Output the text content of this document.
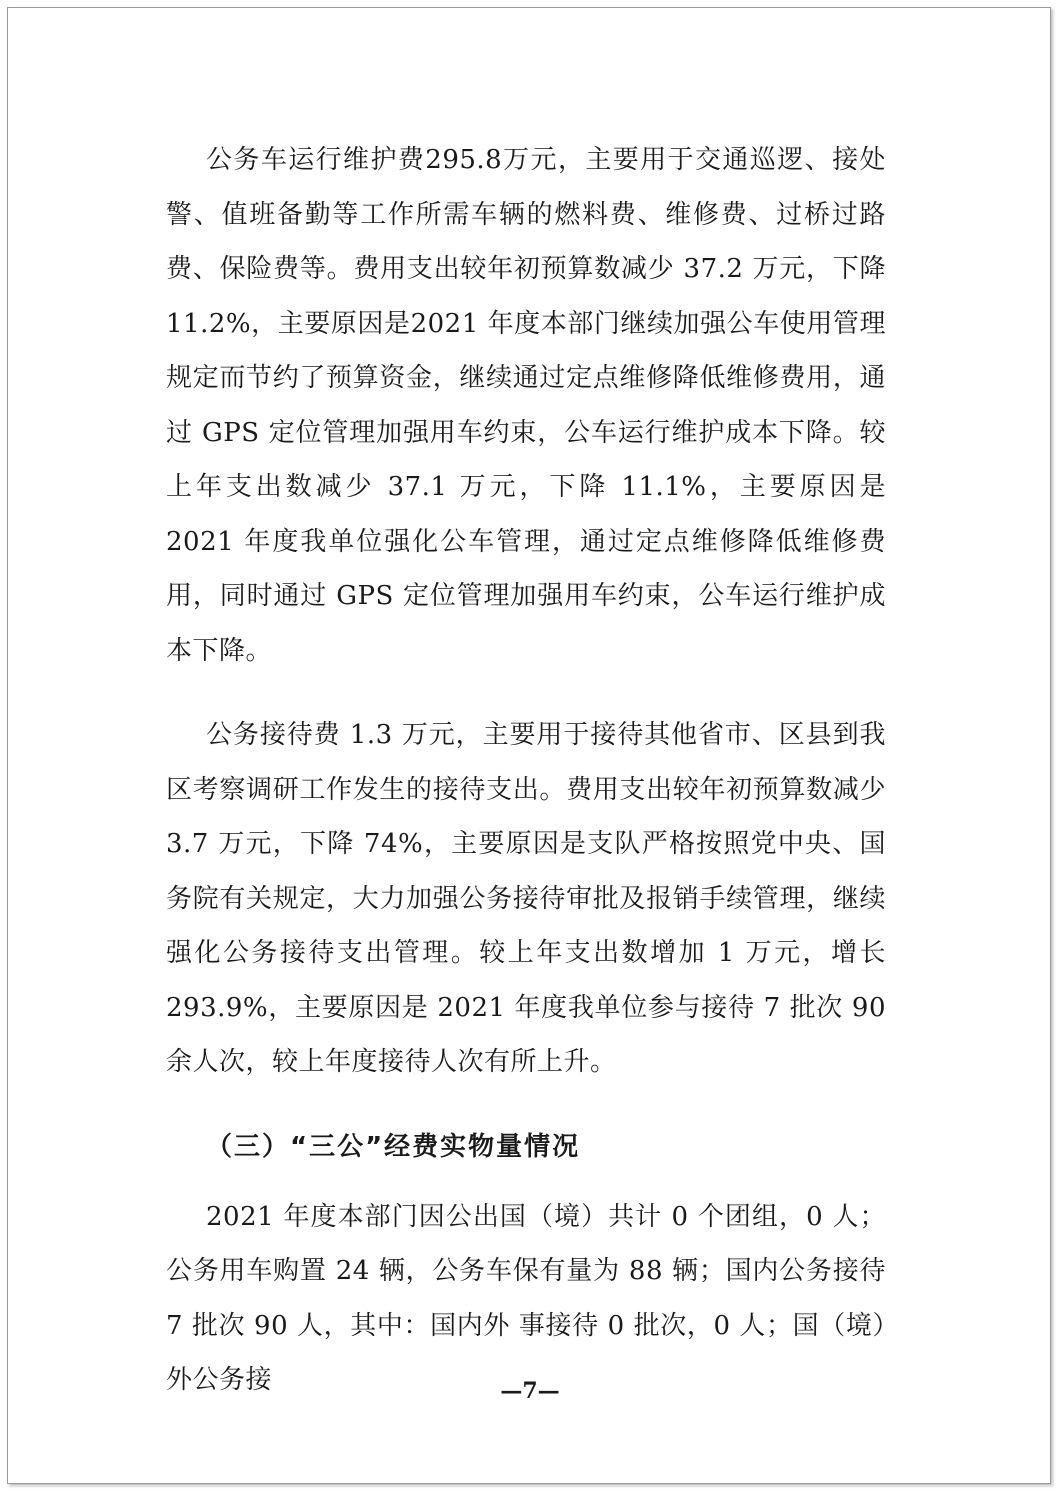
公务车运行维护费295.8万元，主要用于交通巡逻、接处警、值班备勤等工作所需车辆的燃料费、维修费、过桥过路费、保险费等。费用支出较年初预算数减少 37.2 万元，下降 11.2%，主要原因是2021 年度本部门继续加强公车使用管理规定而节约了预算资金，继续通过定点维修降低维修费用，通过 GPS 定位管理加强用车约束，公车运行维护成本下降。较上年支出数减少 37.1 万元，下降 11.1%，主要原因是 2021 年度我单位强化公车管理，通过定点维修降低维修费用，同时通过 GPS 定位管理加强用车约束，公车运行维护成本下降。

公务接待费 1.3 万元，主要用于接待其他省市、区县到我区考察调研工作发生的接待支出。费用支出较年初预算数减少 3.7 万元，下降 74%，主要原因是支队严格按照党中央、国务院有关规定，大力加强公务接待审批及报销手续管理，继续强化公务接待支出管理。较上年支出数增加 1 万元，增长 293.9%，主要原因是 2021 年度我单位参与接待 7 批次 90 余人次，较上年度接待人次有所上升。

（三）“三公”经费实物量情况

2021 年度本部门因公出国（境）共计 0 个团组，0 人；公务用车购置 24 辆，公务车保有量为 88 辆；国内公务接待 7 批次 90 人，其中：国内外 事接待 0 批次，0 人；国（境）外公务接	—7—
